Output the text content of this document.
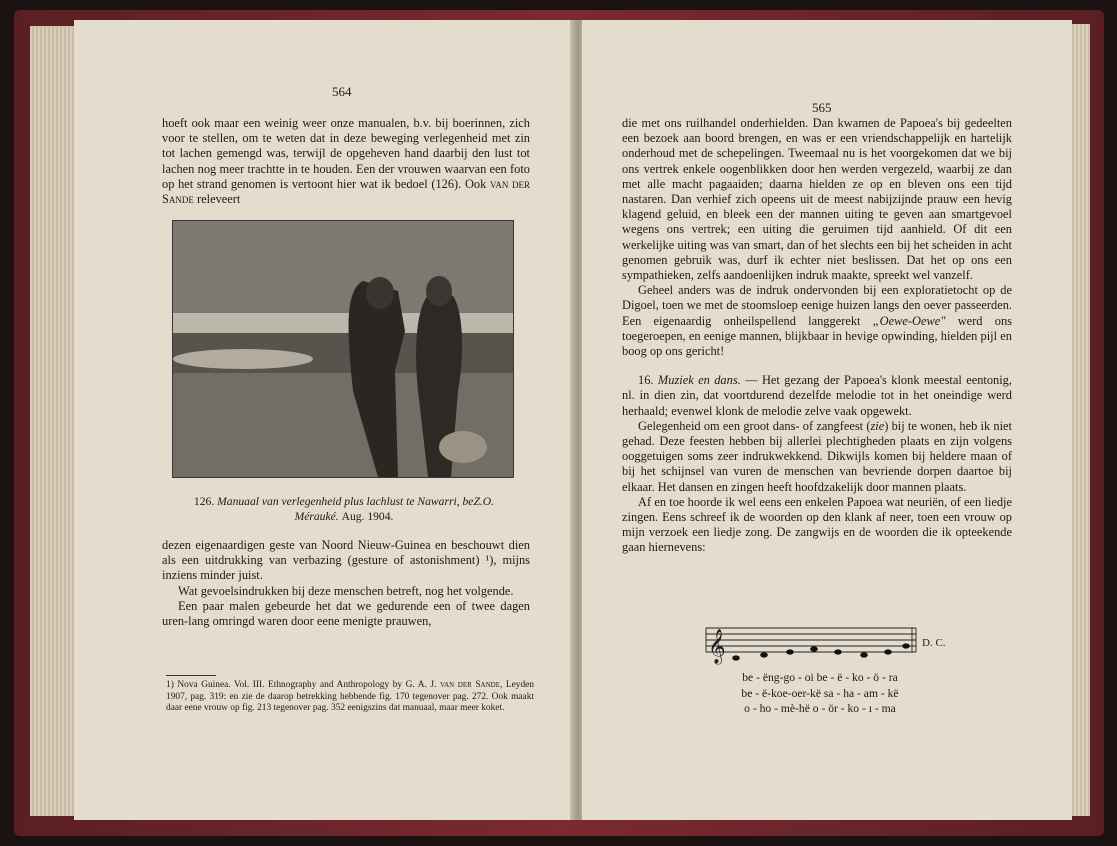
564

hoeft ook maar een weinig weer onze manualen, b.v. bij boerinnen, zich voor te stellen, om te weten dat in deze beweging verlegenheid met zin tot lachen gemengd was, terwijl de opgeheven hand daarbij den lust tot lachen nog meer trachtte in te houden. Een der vrouwen waarvan een foto op het strand genomen is vertoont hier wat ik bedoel (126). Ook van der Sande releveert

126. Manuaal van verlegenheid plus lachlust te Nawarri, beZ.O. Mérauké. Aug. 1904.

dezen eigenaardigen geste van Noord Nieuw-Guinea en beschouwt dien als een uitdrukking van verbazing (gesture of astonishment) ¹), mijns inziens minder juist.

Wat gevoelsindrukken bij deze menschen betreft, nog het volgende.

Een paar malen gebeurde het dat we gedurende een of twee dagen uren-lang omringd waren door eene menigte prauwen,

1) Nova Guinea. Vol. III. Ethnography and Anthropology by G. A. J. van der Sande, Leyden 1907, pag. 319: en zie de daarop betrekking hebbende fig. 170 tegenover pag. 272. Ook maakt daar eene vrouw op fig. 213 tegenover pag. 352 eenigszins dat manuaal, maar meer koket.
565

die met ons ruilhandel onderhielden. Dan kwamen de Papoea's bij gedeelten een bezoek aan boord brengen, en was er een vriendschappelijk en hartelijk onderhoud met de schepelingen. Tweemaal nu is het voorgekomen dat we bij ons vertrek enkele oogenblikken door hen werden vergezeld, waarbij ze dan met alle macht pagaaiden; daarna hielden ze op en bleven ons een tijd nastaren. Dan verhief zich opeens uit de meest nabijzijnde prauw een hevig klagend geluid, en bleek een der mannen uiting te geven aan smartgevoel wegens ons vertrek; een uiting die geruimen tijd aanhield. Of dit een werkelijke uiting was van smart, dan of het slechts een bij het scheiden in acht genomen gebruik was, durf ik echter niet beslissen. Dat het op ons een sympathieken, zelfs aandoenlijken indruk maakte, spreekt wel vanzelf.

Geheel anders was de indruk ondervonden bij een exploratietocht op de Digoel, toen we met de stoomsloep eenige huizen langs den oever passeerden. Een eigenaardig onheilspellend langgerekt „Oewe-Oewe" werd ons toegeroepen, en eenige mannen, blijkbaar in hevige opwinding, hielden pijl en boog op ons gericht!

16. Muziek en dans. — Het gezang der Papoea's klonk meestal eentonig, nl. in dien zin, dat voortdurend dezelfde melodie tot in het oneindige werd herhaald; evenwel klonk de melodie zelve vaak opgewekt.

Gelegenheid om een groot dans- of zangfeest (zie) bij te wonen, heb ik niet gehad. Deze feesten hebben bij allerlei plechtigheden plaats en zijn volgens ooggetuigen soms zeer indrukwekkend. Dikwijls komen bij heldere maan of bij het schijnsel van vuren de menschen van bevriende dorpen daartoe bij elkaar. Het dansen en zingen heeft hoofdzakelijk door mannen plaats.

Af en toe hoorde ik wel eens een enkelen Papoea wat neuriën, of een liedje zingen. Eens schreef ik de woorden op den klank af neer, toen een vrouw op mijn verzoek een liedje zong. De zangwijs en de woorden die ik opteekende gaan hiernevens:

𝄞	D. C.
be - ëng-go - oi be - ë - ko - ö - ra
be - ë-koe-oer-kë sa - ha - am - kë
o - ho - mè-hë o - ör - ko - ı - ma
